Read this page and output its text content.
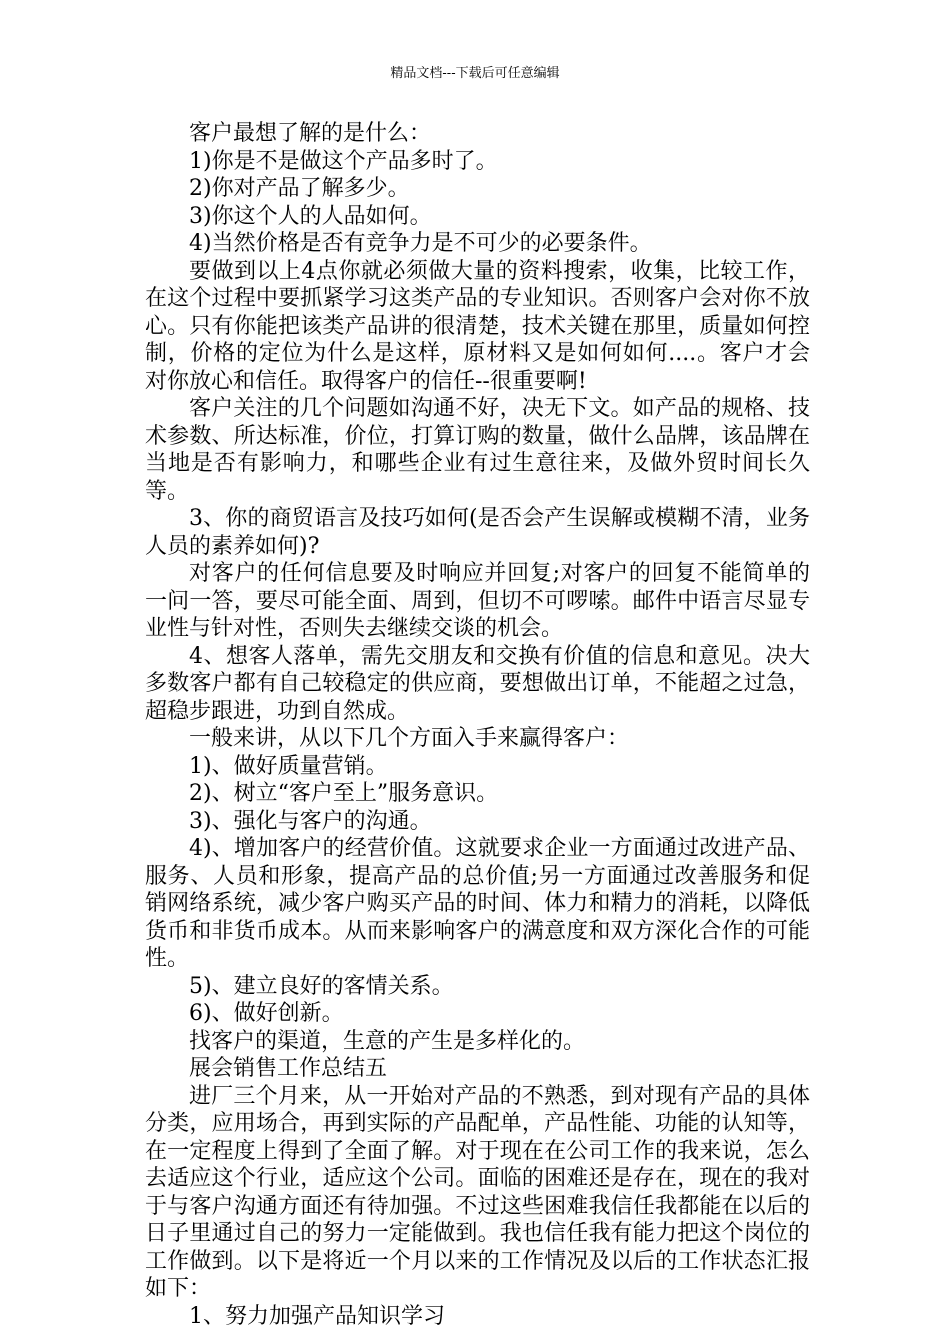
精品文档---下载后可任意编辑

客户最想了解的是什么：

1)你是不是做这个产品多时了。

2)你对产品了解多少。

3)你这个人的人品如何。

4)当然价格是否有竞争力是不可少的必要条件。

要做到以上4点你就必须做大量的资料搜索，收集，比较工作，在这个过程中要抓紧学习这类产品的专业知识。否则客户会对你不放心。只有你能把该类产品讲的很清楚，技术关键在那里，质量如何控制，价格的定位为什么是这样，原材料又是如何如何....。客户才会对你放心和信任。取得客户的信任--很重要啊!

客户关注的几个问题如沟通不好，决无下文。如产品的规格、技术参数、所达标准，价位，打算订购的数量，做什么品牌，该品牌在当地是否有影响力，和哪些企业有过生意往来，及做外贸时间长久等。

3、你的商贸语言及技巧如何(是否会产生误解或模糊不清，业务人员的素养如何)?

对客户的任何信息要及时响应并回复;对客户的回复不能简单的一问一答，要尽可能全面、周到，但切不可啰嗦。邮件中语言尽显专业性与针对性，否则失去继续交谈的机会。

4、想客人落单，需先交朋友和交换有价值的信息和意见。决大多数客户都有自己较稳定的供应商，要想做出订单，不能超之过急，超稳步跟进，功到自然成。

一般来讲，从以下几个方面入手来赢得客户：

1)、做好质量营销。

2)、树立“客户至上”服务意识。

3)、强化与客户的沟通。

4)、增加客户的经营价值。这就要求企业一方面通过改进产品、服务、人员和形象，提高产品的总价值;另一方面通过改善服务和促销网络系统，减少客户购买产品的时间、体力和精力的消耗，以降低货币和非货币成本。从而来影响客户的满意度和双方深化合作的可能性。

5)、建立良好的客情关系。

6)、做好创新。

找客户的渠道，生意的产生是多样化的。

展会销售工作总结五

进厂三个月来，从一开始对产品的不熟悉，到对现有产品的具体分类，应用场合，再到实际的产品配单，产品性能、功能的认知等，在一定程度上得到了全面了解。对于现在在公司工作的我来说，怎么去适应这个行业，适应这个公司。面临的困难还是存在，现在的我对于与客户沟通方面还有待加强。不过这些困难我信任我都能在以后的日子里通过自己的努力一定能做到。我也信任我有能力把这个岗位的工作做到。以下是将近一个月以来的工作情况及以后的工作状态汇报如下：

1、努力加强产品知识学习
